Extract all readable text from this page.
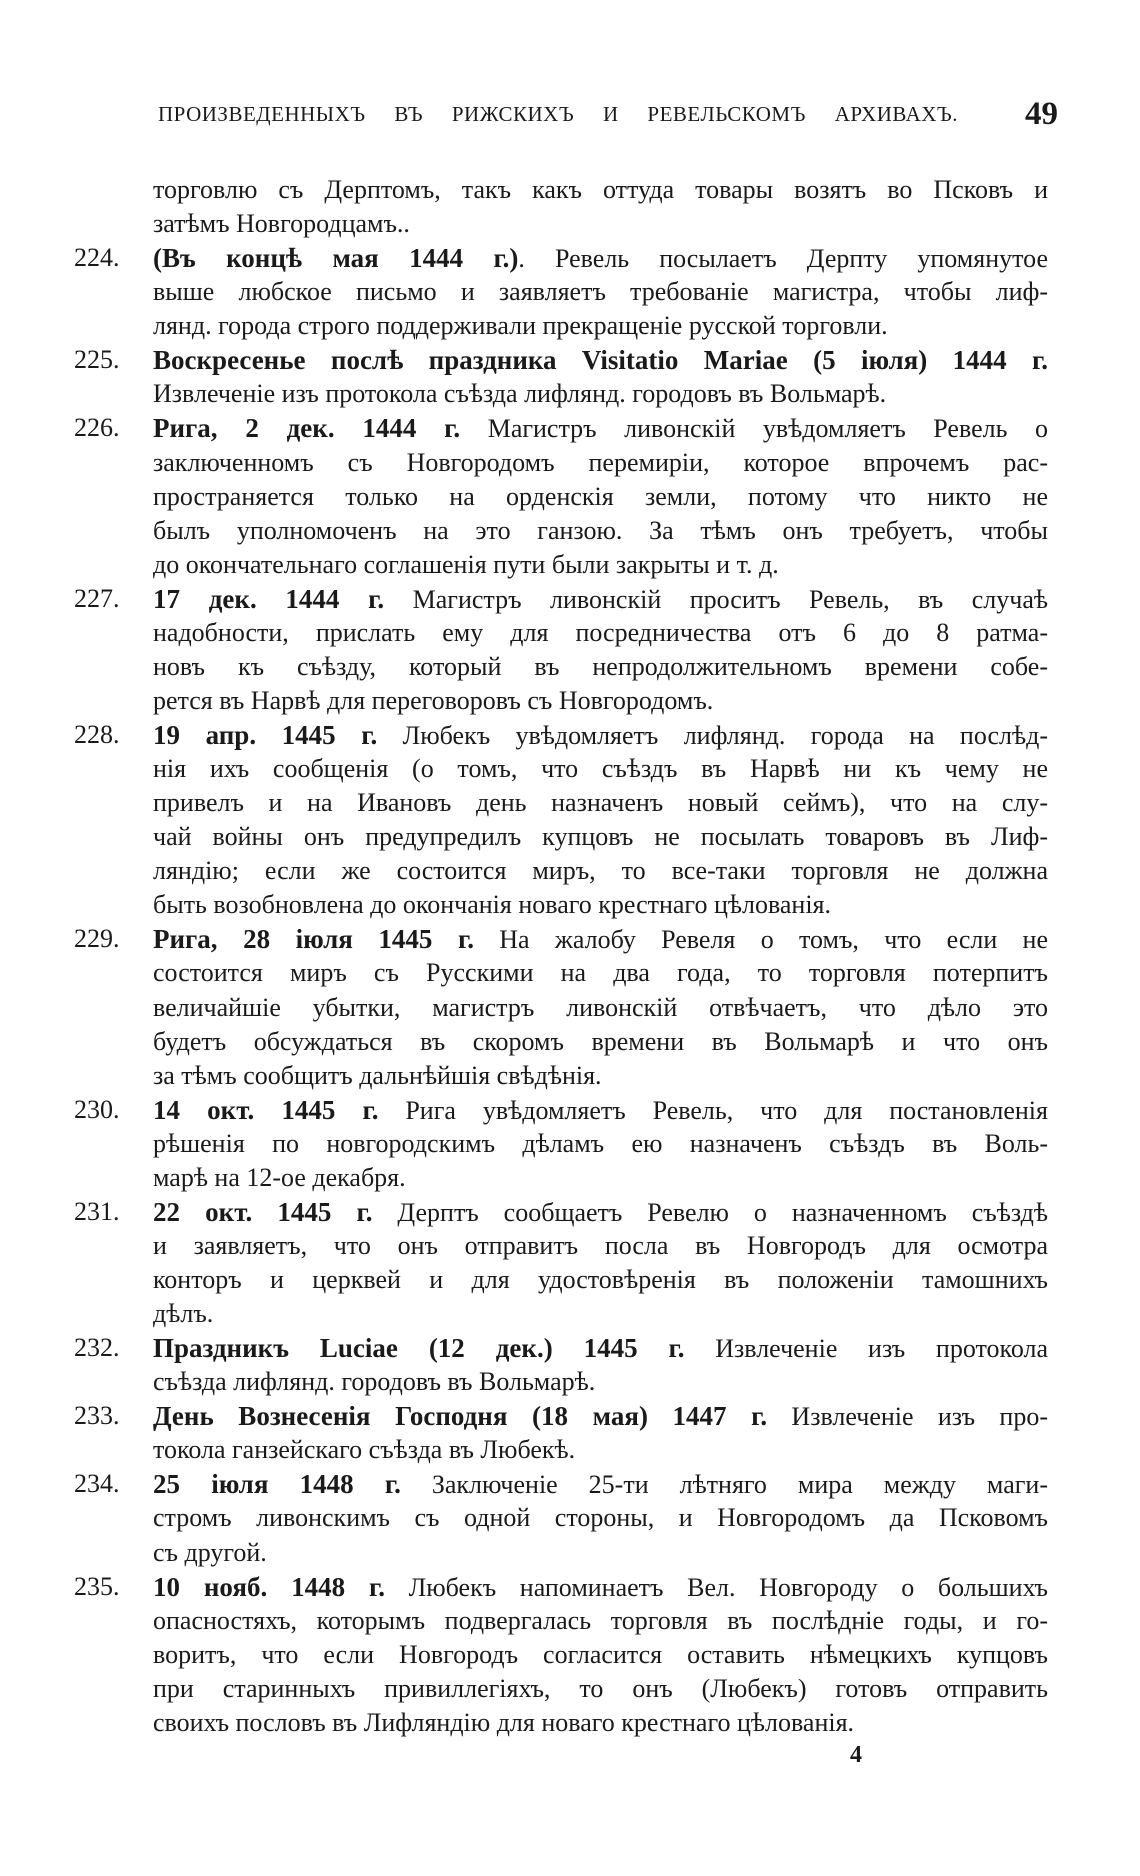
ПРОИЗВЕДЕННЫХЪ ВЪ РИЖСКИХЪ И РЕВЕЛЬСКОМЪ АРХИВАХЪ. 49
торговлю съ Дерптомъ, такъ какъ оттуда товары возятъ во Псковъ и
затѣмъ Новгородцамъ..
224. (Въ концѣ мая 1444 г.). Ревель посылаетъ Дерпту упомянутое
выше любское письмо и заявляетъ требованіе магистра, чтобы лиф-
лянд. города строго поддерживали прекращеніе русской торговли.
225. Воскресенье послѣ праздника Visitatio Mariae (5 іюля) 1444 г.
Извлеченіе изъ протокола съѣзда лифлянд. городовъ въ Вольмарѣ.
226. Рига, 2 дек. 1444 г. Магистръ ливонскій увѣдомляетъ Ревель о
заключенномъ съ Новгородомъ перемиріи, которое впрочемъ рас-
пространяется только на орденскія земли, потому что никто не
былъ уполномоченъ на это ганзою. За тѣмъ онъ требуетъ, чтобы
до окончательнаго соглашенія пути были закрыты и т. д.
227. 17 дек. 1444 г. Магистръ ливонскій проситъ Ревель, въ случаѣ
надобности, прислать ему для посредничества отъ 6 до 8 ратма-
новъ къ съѣзду, который въ непродолжительномъ времени собе-
рется въ Нарвѣ для переговоровъ съ Новгородомъ.
228. 19 апр. 1445 г. Любекъ увѣдомляетъ лифлянд. города на послѣд-
нія ихъ сообщенія (о томъ, что съѣздъ въ Нарвѣ ни къ чему не
привелъ и на Ивановъ день назначенъ новый сеймъ), что на слу-
чай войны онъ предупредилъ купцовъ не посылать товаровъ въ Лиф-
ляндію; если же состоится миръ, то все-таки торговля не должна
быть возобновлена до окончанія новаго крестнаго цѣлованія.
229. Рига, 28 іюля 1445 г. На жалобу Ревеля о томъ, что если не
состоится миръ съ Русскими на два года, то торговля потерпитъ
величайшіе убытки, магистръ ливонскій отвѣчаетъ, что дѣло это
будетъ обсуждаться въ скоромъ времени въ Вольмарѣ и что онъ
за тѣмъ сообщитъ дальнѣйшія свѣдѣнія.
230. 14 окт. 1445 г. Рига увѣдомляетъ Ревель, что для постановленія
рѣшенія по новгородскимъ дѣламъ ею назначенъ съѣздъ въ Воль-
марѣ на 12-ое декабря.
231. 22 окт. 1445 г. Дерптъ сообщаетъ Ревелю о назначенномъ съѣздѣ
и заявляетъ, что онъ отправитъ посла въ Новгородъ для осмотра
конторъ и церквей и для удостовѣренія въ положеніи тамошнихъ
дѣлъ.
232. Праздникъ Luciae (12 дек.) 1445 г. Извлеченіе изъ протокола
съѣзда лифлянд. городовъ въ Вольмарѣ.
233. День Вознесенія Господня (18 мая) 1447 г. Извлеченіе изъ про-
токола ганзейскаго съѣзда въ Любекѣ.
234. 25 іюля 1448 г. Заключеніе 25-ти лѣтняго мира между маги-
стромъ ливонскимъ съ одной стороны, и Новгородомъ да Псковомъ
съ другой.
235. 10 нояб. 1448 г. Любекъ напоминаетъ Вел. Новгороду о большихъ
опасностяхъ, которымъ подвергалась торговля въ послѣдніе годы, и го-
воритъ, что если Новгородъ согласится оставить нѣмецкихъ купцовъ
при старинныхъ привиллегіяхъ, то онъ (Любекъ) готовъ отправить
своихъ пословъ въ Лифляндію для новаго крестнаго цѣлованія.
4
